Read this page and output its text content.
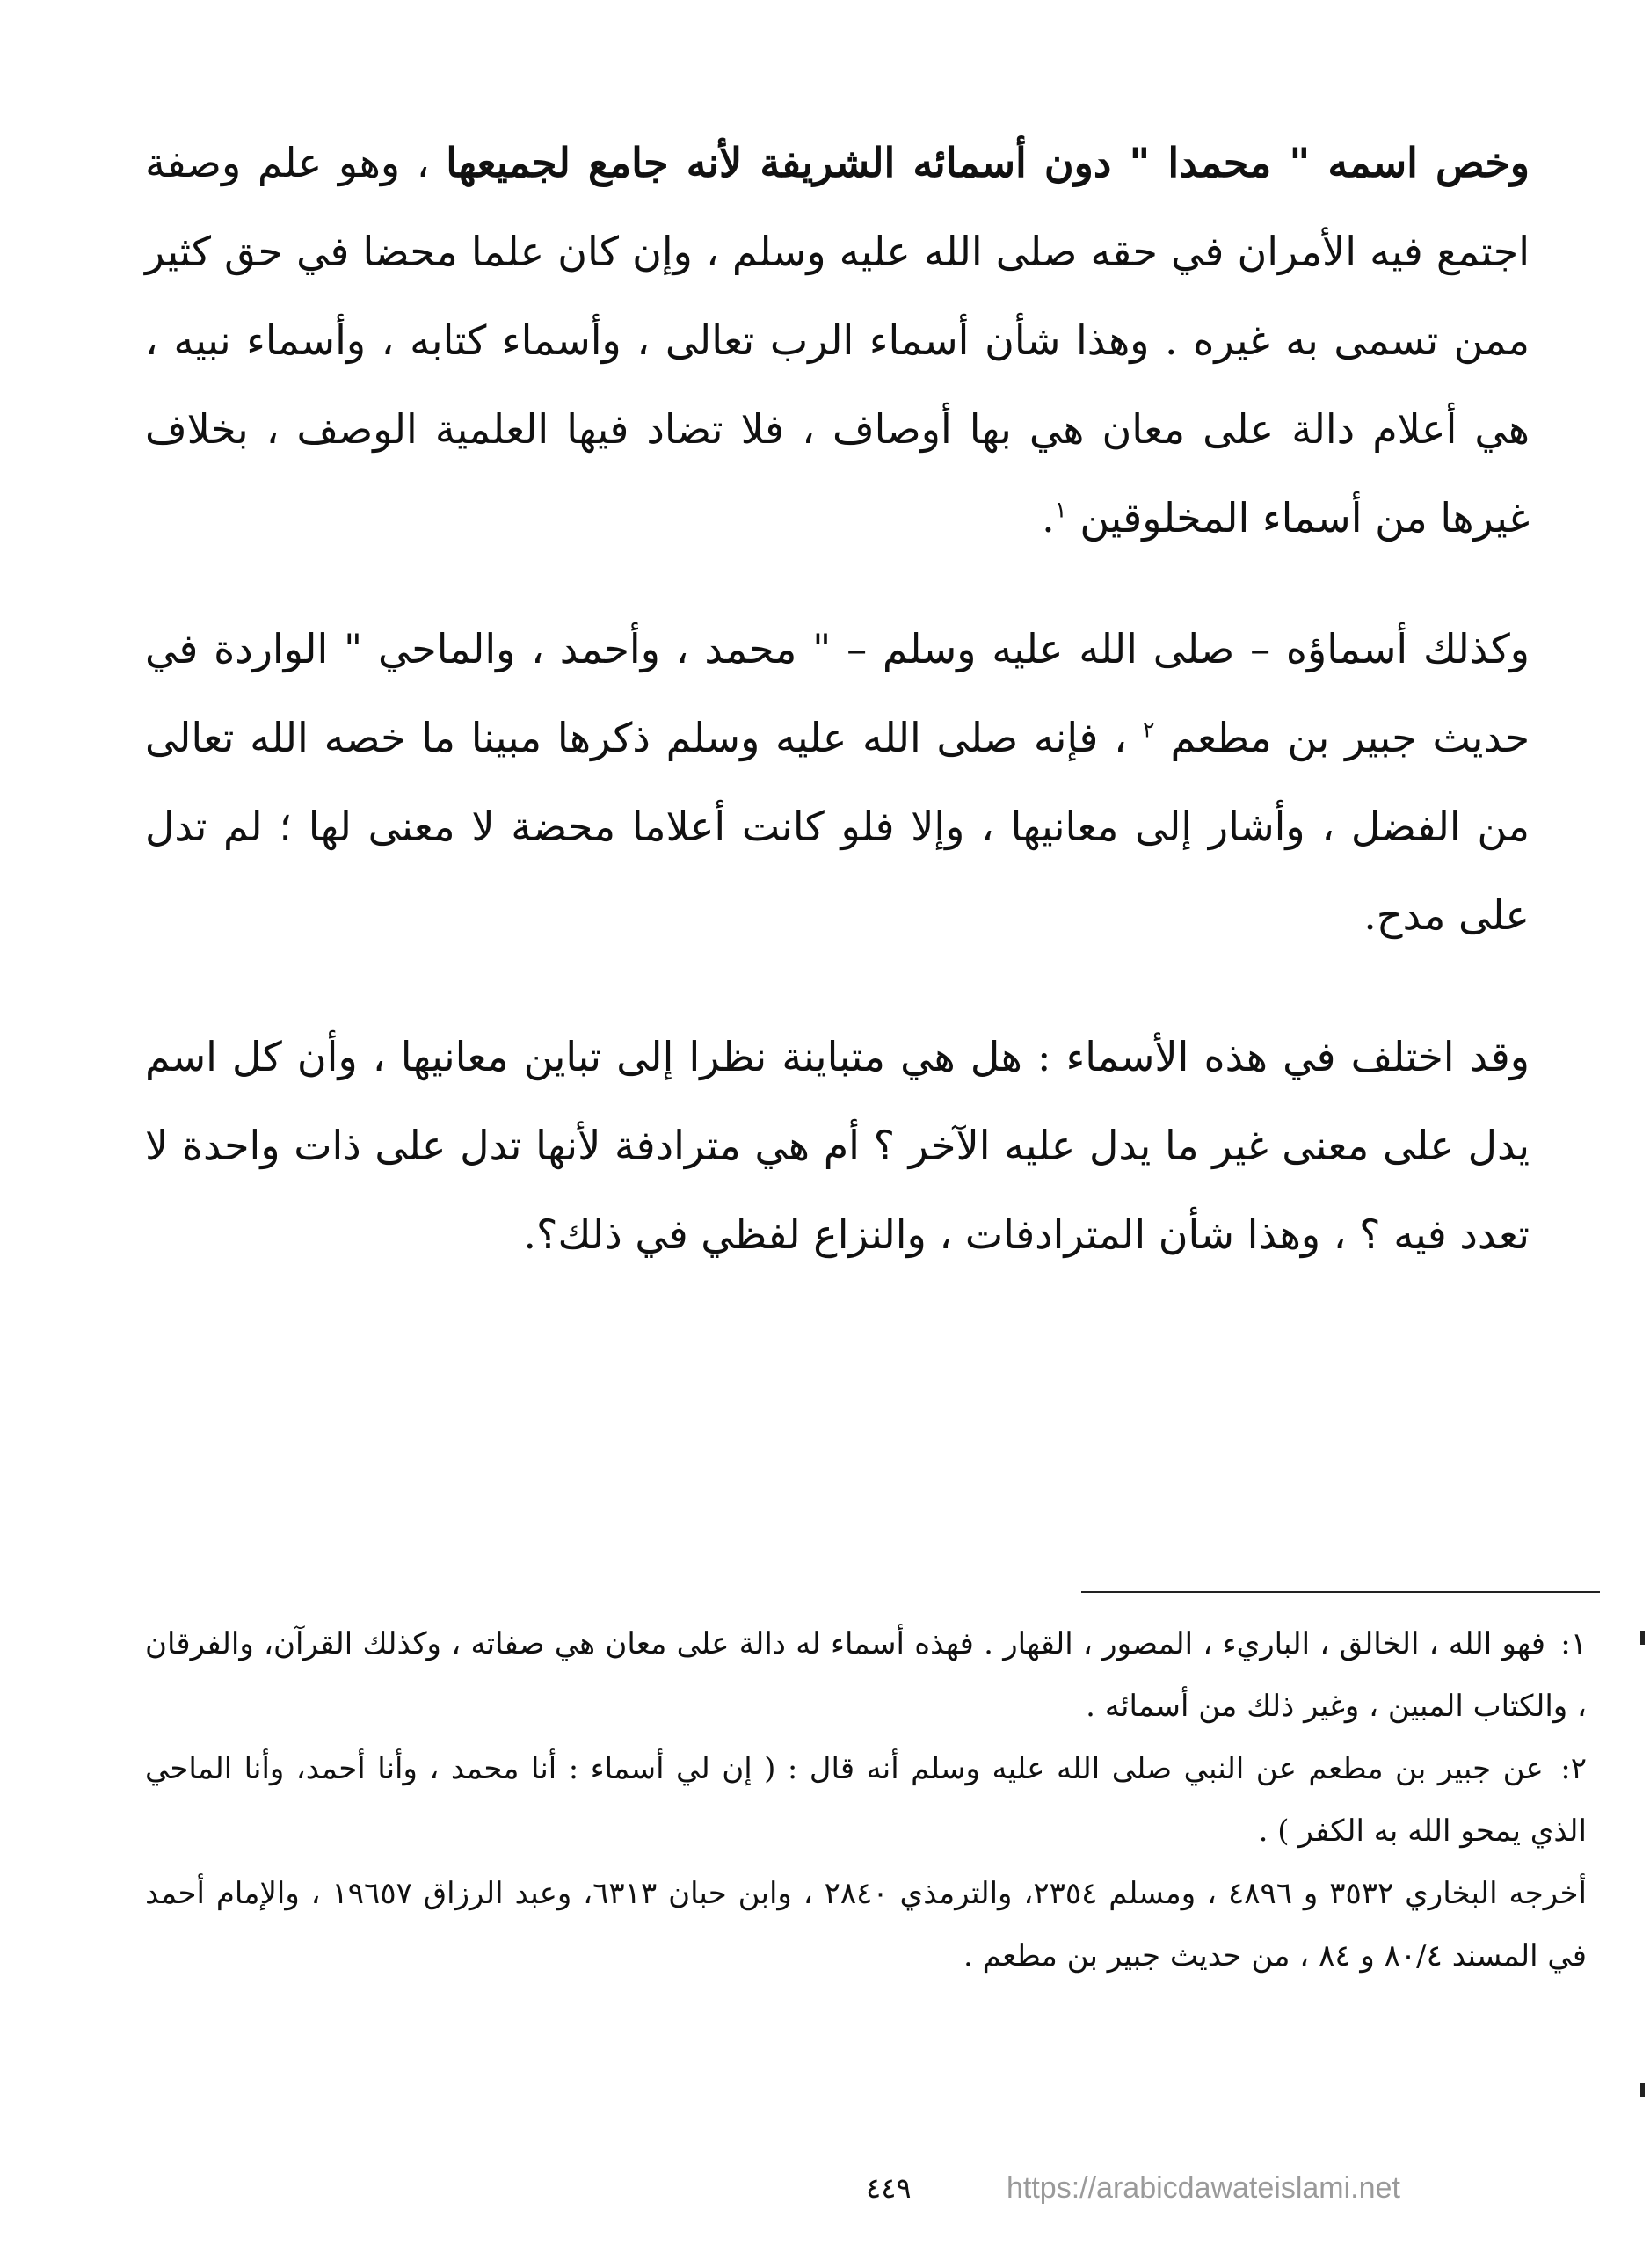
وخص اسمه " محمدا " دون أسمائه الشريفة لأنه جامع لجميعها ، وهو علم وصفة اجتمع فيه الأمران في حقه صلى الله عليه وسلم ، وإن كان علما محضا في حق كثير ممن تسمى به غيره . وهذا شأن أسماء الرب تعالى ، وأسماء كتابه ، وأسماء نبيه ، هي أعلام دالة على معان هي بها أوصاف ، فلا تضاد فيها العلمية الوصف ، بخلاف غيرها من أسماء المخلوقين $^١$.

وكذلك أسماؤه – صلى الله عليه وسلم – " محمد ، وأحمد ، والماحي " الواردة في حديث جبير بن مطعم $^٢$ ، فإنه صلى الله عليه وسلم ذكرها مبينا ما خصه الله تعالى من الفضل ، وأشار إلى معانيها ، وإلا فلو كانت أعلاما محضة لا معنى لها ؛ لم تدل على مدح.

وقد اختلف في هذه الأسماء : هل هي متباينة نظرا إلى تباين معانيها ، وأن كل اسم يدل على معنى غير ما يدل عليه الآخر ؟ أم هي مترادفة لأنها تدل على ذات واحدة لا تعدد فيه ؟ ، وهذا شأن المترادفات ، والنزاع لفظي في ذلك؟.

١: فهو الله ، الخالق ، الباريء ، المصور ، القهار . فهذه أسماء له دالة على معان هي صفاته ، وكذلك القرآن، والفرقان ، والكتاب المبين ، وغير ذلك من أسمائه .

٢: عن جبير بن مطعم عن النبي صلى الله عليه وسلم أنه قال : ( إن لي أسماء : أنا محمد ، وأنا أحمد، وأنا الماحي الذي يمحو الله به الكفر ) .

أخرجه البخاري ٣٥٣٢ و ٤٨٩٦ ، ومسلم ٢٣٥٤، والترمذي ٢٨٤٠ ، وابن حبان ٦٣١٣، وعبد الرزاق ١٩٦٥٧ ، والإمام أحمد في المسند ٨٠/٤ و ٨٤ ، من حديث جبير بن مطعم .

٤٤٩	https://arabicdawateislami.net
